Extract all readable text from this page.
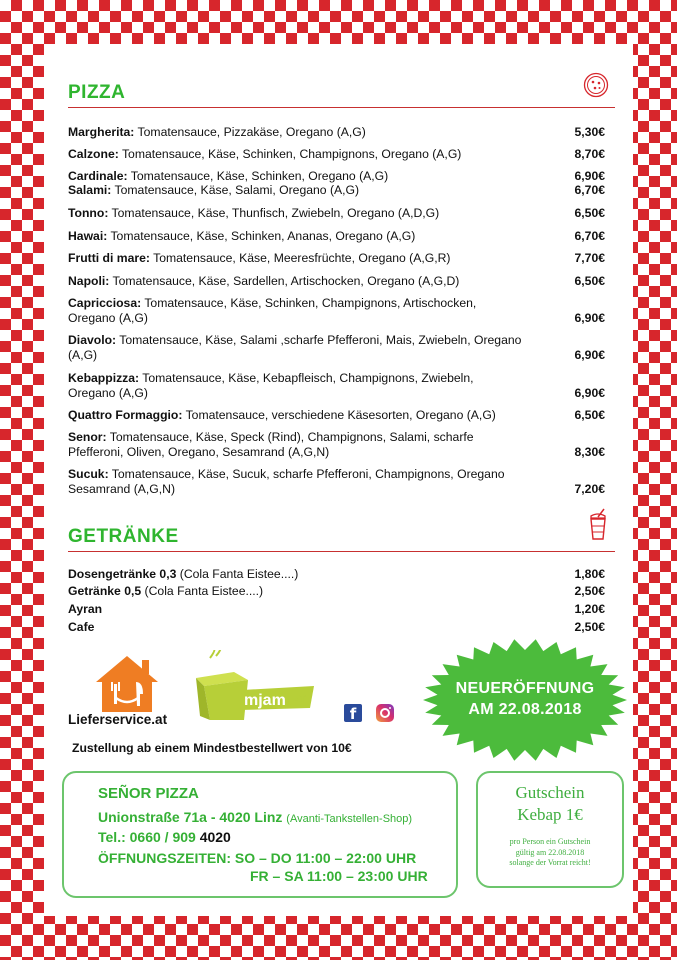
PIZZA
Margherita: Tomatensauce, Pizzakäse, Oregano (A,G)	5,30€
Calzone: Tomatensauce, Käse, Schinken, Champignons, Oregano (A,G)	8,70€
Cardinale: Tomatensauce, Käse, Schinken, Oregano (A,G)	6,90€
Salami: Tomatensauce, Käse, Salami, Oregano (A,G)	6,70€
Tonno: Tomatensauce, Käse, Thunfisch, Zwiebeln, Oregano (A,D,G)	6,50€
Hawai: Tomatensauce, Käse, Schinken, Ananas, Oregano (A,G)	6,70€
Frutti di mare: Tomatensauce, Käse, Meeresfrüchte, Oregano (A,G,R)	7,70€
Napoli: Tomatensauce, Käse, Sardellen, Artischocken, Oregano (A,G,D)	6,50€
Capricciosa: Tomatensauce, Käse, Schinken, Champignons, Artischocken, Oregano (A,G)	6,90€
Diavolo: Tomatensauce, Käse, Salami ,scharfe Pfefferoni, Mais, Zwiebeln, Oregano (A,G)	6,90€
Kebappizza: Tomatensauce, Käse, Kebapfleisch, Champignons, Zwiebeln, Oregano (A,G)	6,90€
Quattro Formaggio: Tomatensauce, verschiedene Käsesorten, Oregano (A,G)	6,50€
Senor: Tomatensauce, Käse, Speck (Rind), Champignons, Salami, scharfe Pfefferoni, Oliven, Oregano, Sesamrand (A,G,N)	8,30€
Sucuk: Tomatensauce, Käse, Sucuk, scharfe Pfefferoni, Champignons, Oregano Sesamrand (A,G,N)	7,20€
GETRÄNKE
Dosengetränke 0,3 (Cola Fanta Eistee....)	1,80€
Getränke 0,5 (Cola Fanta Eistee....)	2,50€
Ayran	1,20€
Cafe	2,50€
Lieferservice.at
mjam . AT
f
NEUERÖFFNUNG
AM 22.08.2018
Zustellung ab einem Mindestbestellwert von 10€
SEÑOR PIZZA
Unionstraße 71a - 4020 Linz (Avanti-Tankstellen-Shop)
Tel.: 0660 / 909 4020
ÖFFNUNGSZEITEN: SO – DO 11:00 – 22:00 UHR
FR – SA 11:00 – 23:00 UHR
Gutschein
Kebap 1€
pro Person ein Gutschein
gültig am 22.08.2018
solange der Vorrat reicht!
